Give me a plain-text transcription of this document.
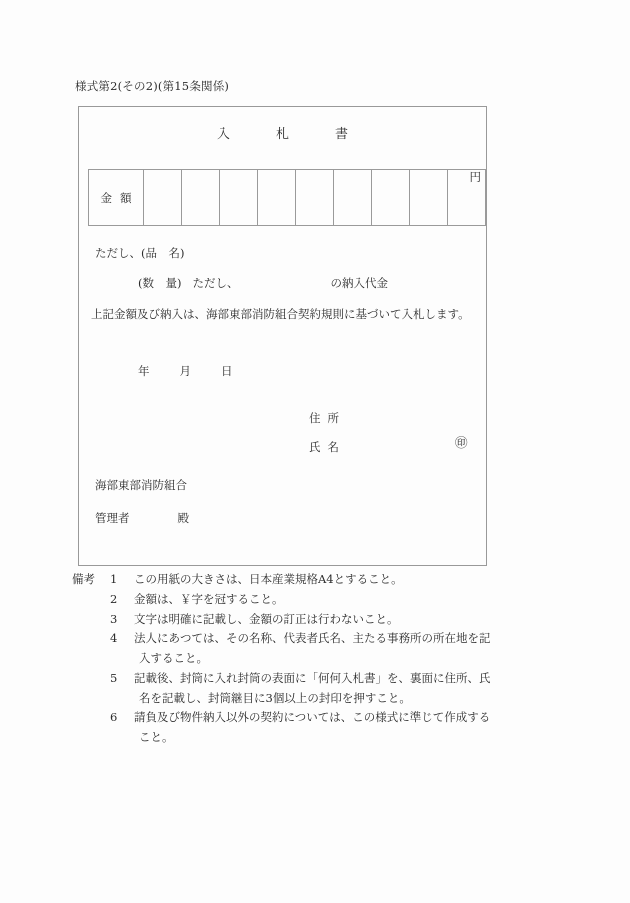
様式第2(その2)(第15条関係)
入	札	書
金 額									
円
ただし、(品　名)
(数　量) ただし、	の納入代金
上記金額及び納入は、海部東部消防組合契約規則に基づいて入札します。
年	月	日
住 所
氏 名	㊞
海部東部消防組合
管理者	殿
備考 1	この用紙の大きさは、日本産業規格A4とすること。
2	金額は、￥字を冠すること。
3	文字は明確に記載し、金額の訂正は行わないこと。
4	法人にあつては、その名称、代表者氏名、主たる事務所の所在地を記
入すること。
5	記載後、封筒に入れ封筒の表面に「何何入札書」を、裏面に住所、氏
名を記載し、封筒継目に3個以上の封印を押すこと。
6	請負及び物件納入以外の契約については、この様式に準じて作成する
こと。
